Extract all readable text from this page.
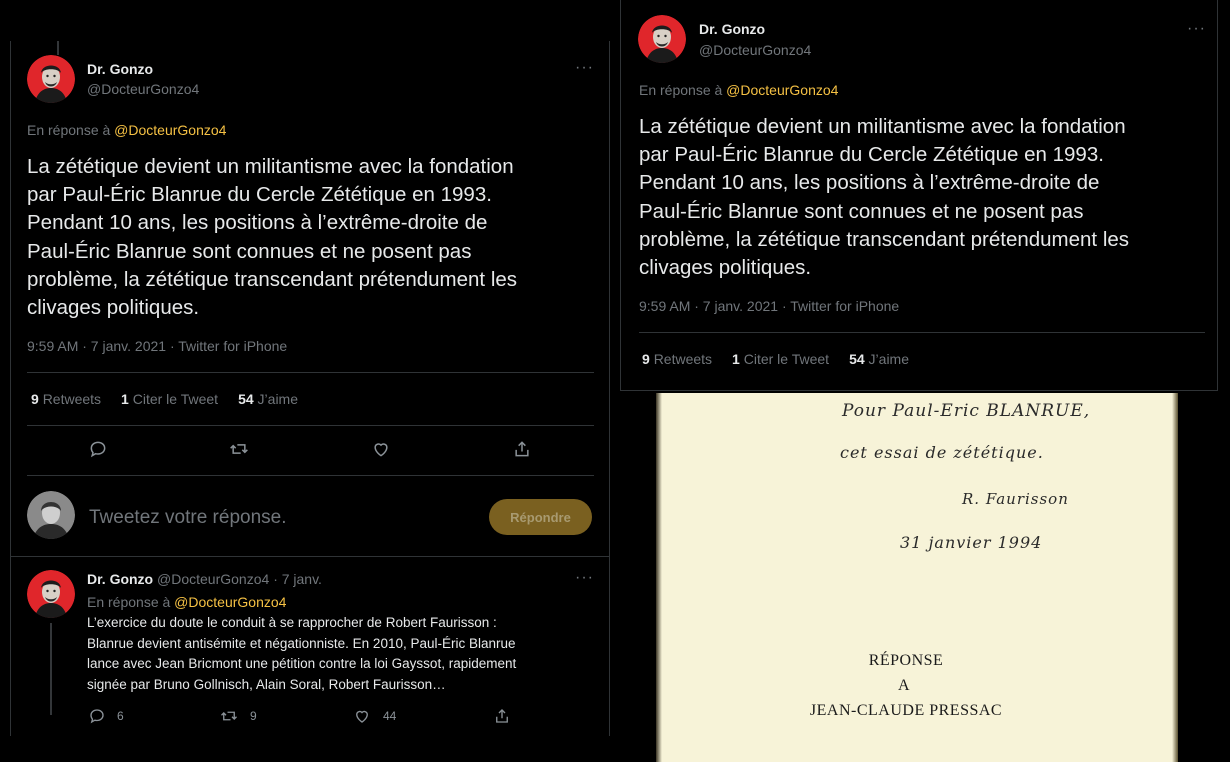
Dr. Gonzo
@DocteurGonzo4
···
En réponse à @DocteurGonzo4
La zététique devient un militantisme avec la fondation
par Paul-Éric Blanrue du Cercle Zététique en 1993.
Pendant 10 ans, les positions à l’extrême-droite de
Paul-Éric Blanrue sont connues et ne posent pas
problème, la zététique transcendant prétendument les
clivages politiques.
9:59 AM · 7 janv. 2021 · Twitter for iPhone
9 Retweets 1 Citer le Tweet 54 J’aime
Tweetez votre réponse.	Répondre
Dr. Gonzo @DocteurGonzo4 · 7 janv.	···
En réponse à @DocteurGonzo4
L’exercice du doute le conduit à se rapprocher de Robert Faurisson :
Blanrue devient antisémite et négationniste. En 2010, Paul-Éric Blanrue
lance avec Jean Bricmont une pétition contre la loi Gayssot, rapidement
signée par Bruno Gollnisch, Alain Soral, Robert Faurisson…
6	9	44
Dr. Gonzo
@DocteurGonzo4
···
En réponse à @DocteurGonzo4
La zététique devient un militantisme avec la fondation
par Paul-Éric Blanrue du Cercle Zététique en 1993.
Pendant 10 ans, les positions à l’extrême-droite de
Paul-Éric Blanrue sont connues et ne posent pas
problème, la zététique transcendant prétendument les
clivages politiques.
9:59 AM · 7 janv. 2021 · Twitter for iPhone
9 Retweets 1 Citer le Tweet 54 J’aime
Pour Paul-Eric BLANRUE,
cet essai de zététique.
R. Faurisson
31 janvier 1994
RÉPONSE
A
JEAN-CLAUDE PRESSAC
